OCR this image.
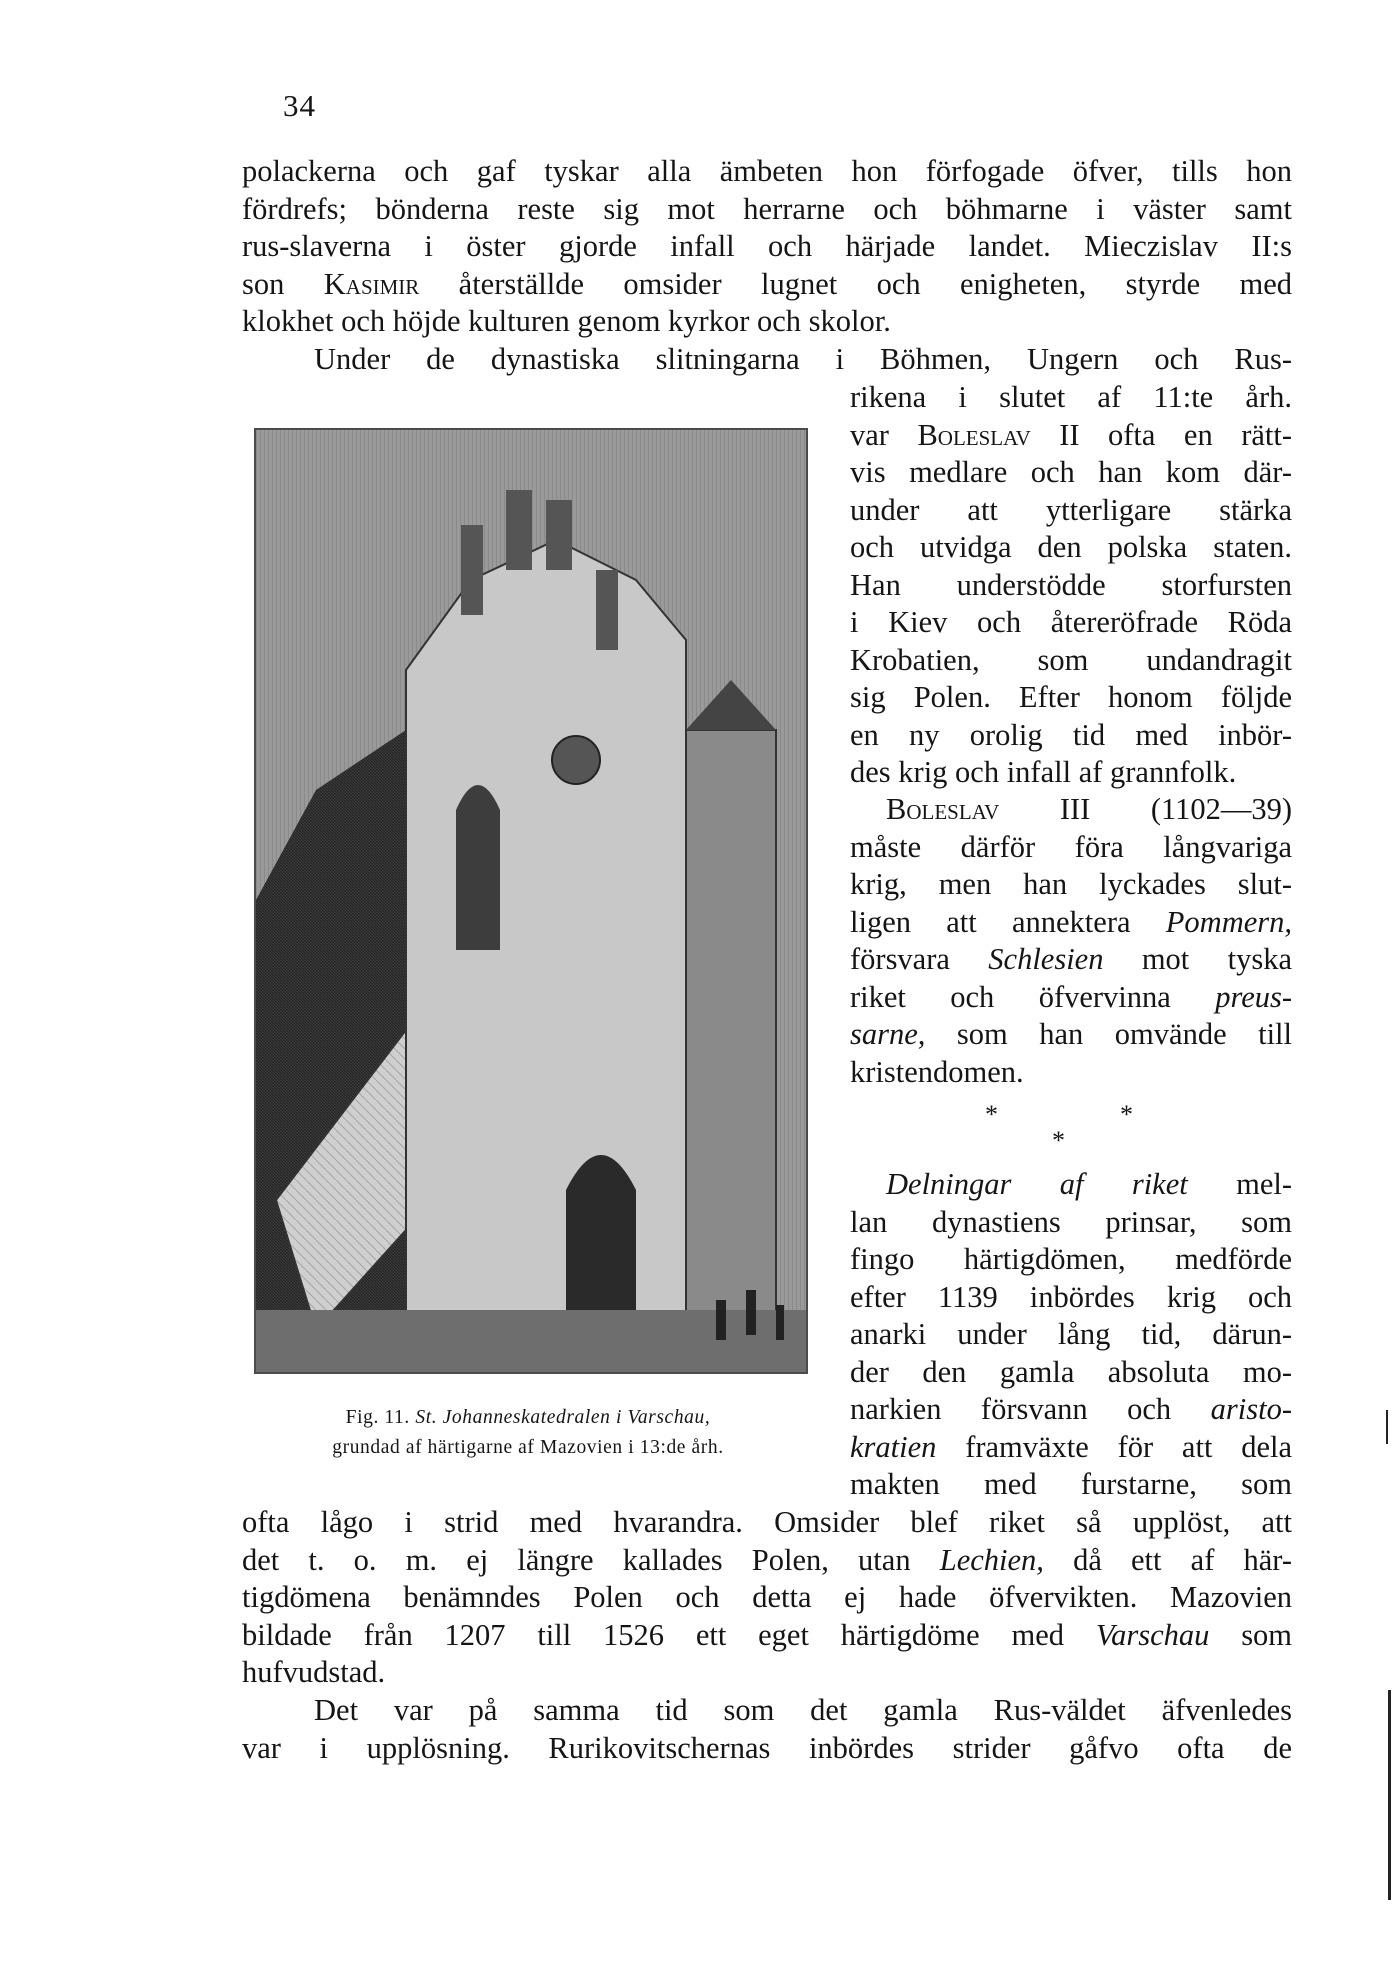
34
polackerna och gaf tyskar alla ämbeten hon förfogade öfver, tills hon
fördrefs; bönderna reste sig mot herrarne och böhmarne i väster samt
rus-slaverna i öster gjorde infall och härjade landet. Mieczislav II:s
son Kasimir återställde omsider lugnet och enigheten, styrde med
klokhet och höjde kulturen genom kyrkor och skolor.
Under de dynastiska slitningarna i Böhmen, Ungern och Rus-
rikena i slutet af 11:te årh.
var Boleslav II ofta en rätt-
vis medlare och han kom där-
under att ytterligare stärka
och utvidga den polska staten.
Han understödde storfursten
i Kiev och återeröfrade Röda
Krobatien, som undandragit
sig Polen. Efter honom följde
en ny orolig tid med inbör-
des krig och infall af grannfolk.
Boleslav III (1102—39)
måste därför föra långvariga
krig, men han lyckades slut-
ligen att annektera Pommern,
försvara Schlesien mot tyska
riket och öfvervinna preus-
sarne, som han omvände till
kristendomen.
*	*
*
Delningar af riket mel-
lan dynastiens prinsar, som
fingo härtigdömen, medförde
efter 1139 inbördes krig och
anarki under lång tid, därun-
der den gamla absoluta mo-
narkien försvann och aristo-
kratien framväxte för att dela
makten med furstarne, som
ofta lågo i strid med hvarandra. Omsider blef riket så upplöst, att
det t. o. m. ej längre kallades Polen, utan Lechien, då ett af här-
tigdömena benämndes Polen och detta ej hade öfvervikten. Mazovien
bildade från 1207 till 1526 ett eget härtigdöme med Varschau som
hufvudstad.
Det var på samma tid som det gamla Rus-väldet äfvenledes
var i upplösning. Rurikovitschernas inbördes strider gåfvo ofta de
Fig. 11. St. Johanneskatedralen i Varschau,
grundad af härtigarne af Mazovien i 13:de årh.
